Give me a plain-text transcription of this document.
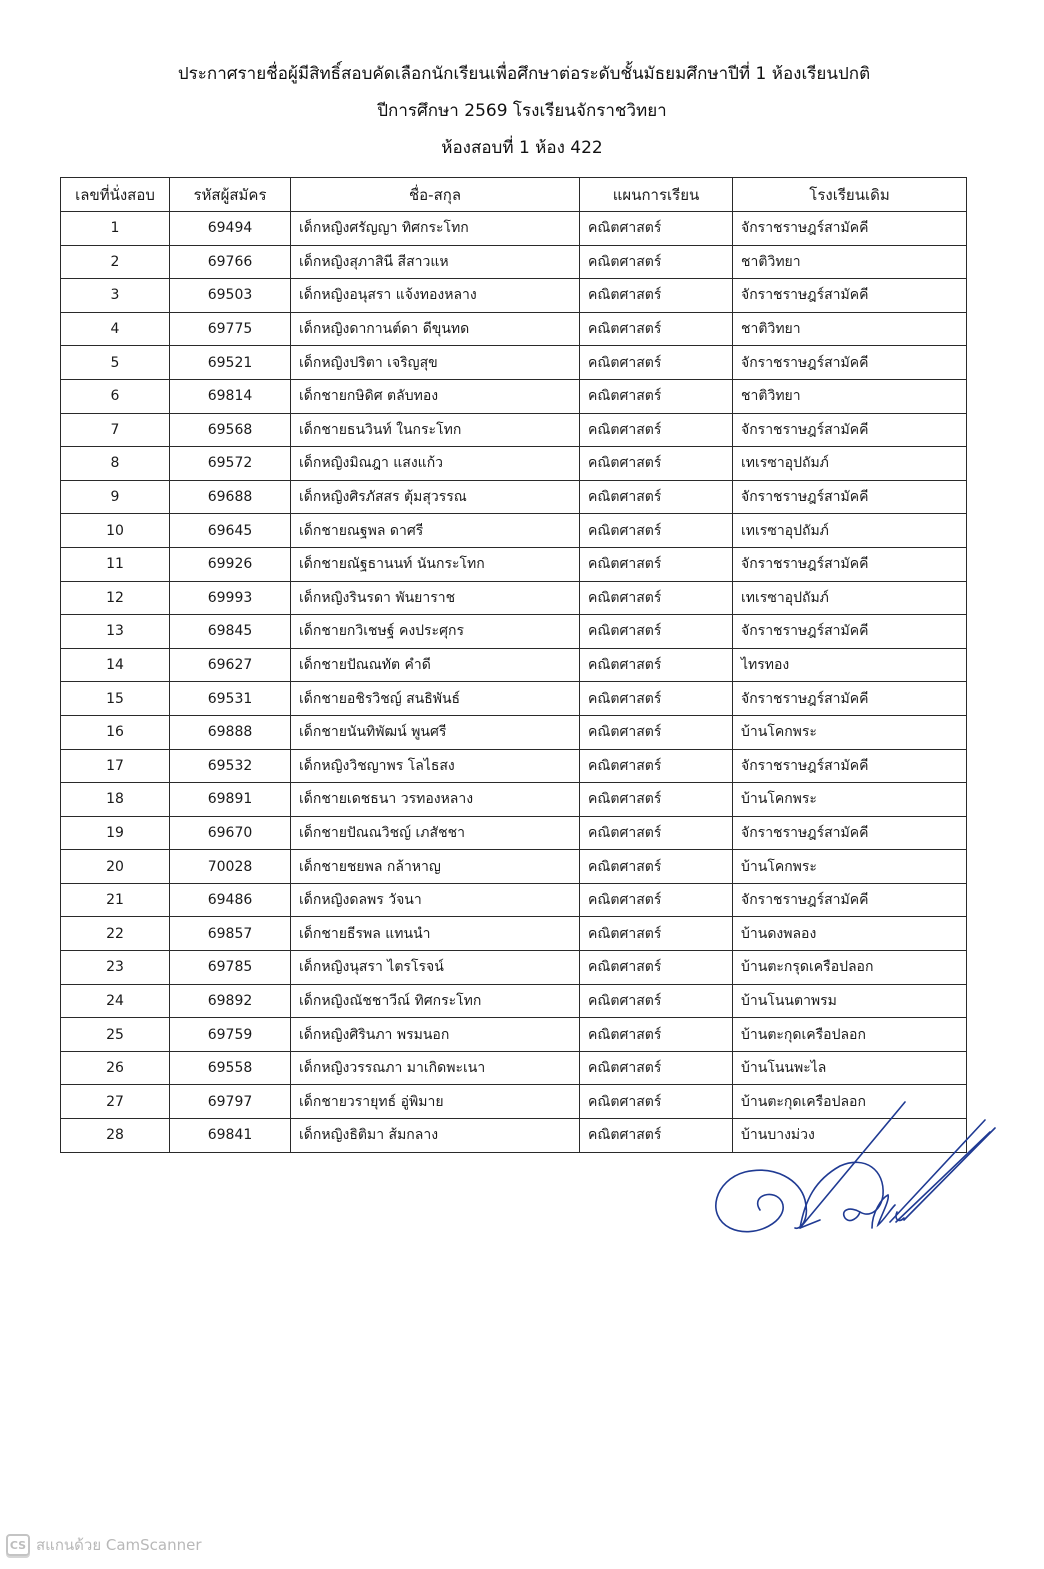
ประกาศรายชื่อผู้มีสิทธิ์สอบคัดเลือกนักเรียนเพื่อศึกษาต่อระดับชั้นมัธยมศึกษาปีที่ 1 ห้องเรียนปกติ
ปีการศึกษา 2569 โรงเรียนจักราชวิทยา
ห้องสอบที่ 1 ห้อง 422
เลขที่นั่งสอบ	รหัสผู้สมัคร	ชื่อ-สกุล	แผนการเรียน	โรงเรียนเดิม
1	69494	เด็กหญิงศรัญญา ทิศกระโทก	คณิตศาสตร์	จักราชราษฎร์สามัคคี
2	69766	เด็กหญิงสุภาสินี สีสาวแห	คณิตศาสตร์	ชาติวิทยา
3	69503	เด็กหญิงอนุสรา แจ้งทองหลาง	คณิตศาสตร์	จักราชราษฎร์สามัคคี
4	69775	เด็กหญิงดากานต์ดา ดีขุนทด	คณิตศาสตร์	ชาติวิทยา
5	69521	เด็กหญิงปริตา เจริญสุข	คณิตศาสตร์	จักราชราษฎร์สามัคคี
6	69814	เด็กชายกษิดิศ ตลับทอง	คณิตศาสตร์	ชาติวิทยา
7	69568	เด็กชายธนวินท์ ในกระโทก	คณิตศาสตร์	จักราชราษฎร์สามัคคี
8	69572	เด็กหญิงมิณฎา แสงแก้ว	คณิตศาสตร์	เทเรซาอุปถัมภ์
9	69688	เด็กหญิงศิรภัสสร ตุ้มสุวรรณ	คณิตศาสตร์	จักราชราษฎร์สามัคคี
10	69645	เด็กชายณฐพล ดาศรี	คณิตศาสตร์	เทเรซาอุปถัมภ์
11	69926	เด็กชายณัฐธานนท์ นันกระโทก	คณิตศาสตร์	จักราชราษฎร์สามัคคี
12	69993	เด็กหญิงรินรดา พันยาราช	คณิตศาสตร์	เทเรซาอุปถัมภ์
13	69845	เด็กชายกวิเชษฐ์ คงประศุกร	คณิตศาสตร์	จักราชราษฎร์สามัคคี
14	69627	เด็กชายปัณณทัต คำดี	คณิตศาสตร์	ไทรทอง
15	69531	เด็กชายอชิรวิชญ์ สนธิพันธ์	คณิตศาสตร์	จักราชราษฎร์สามัคคี
16	69888	เด็กชายนันทิพัฒน์ พูนศรี	คณิตศาสตร์	บ้านโคกพระ
17	69532	เด็กหญิงวิชญาพร โลไธสง	คณิตศาสตร์	จักราชราษฎร์สามัคคี
18	69891	เด็กชายเดชธนา วรทองหลาง	คณิตศาสตร์	บ้านโคกพระ
19	69670	เด็กชายปัณณวิชญ์ เภสัชชา	คณิตศาสตร์	จักราชราษฎร์สามัคคี
20	70028	เด็กชายชยพล กล้าหาญ	คณิตศาสตร์	บ้านโคกพระ
21	69486	เด็กหญิงดลพร วัจนา	คณิตศาสตร์	จักราชราษฎร์สามัคคี
22	69857	เด็กชายธีรพล แทนนำ	คณิตศาสตร์	บ้านดงพลอง
23	69785	เด็กหญิงนุสรา ไตรโรจน์	คณิตศาสตร์	บ้านตะกรุดเครือปลอก
24	69892	เด็กหญิงณัชชาวีณ์ ทิศกระโทก	คณิตศาสตร์	บ้านโนนตาพรม
25	69759	เด็กหญิงศิรินภา พรมนอก	คณิตศาสตร์	บ้านตะกุดเครือปลอก
26	69558	เด็กหญิงวรรณภา มาเกิดพะเนา	คณิตศาสตร์	บ้านโนนพะไล
27	69797	เด็กชายวรายุทธ์ อู่พิมาย	คณิตศาสตร์	บ้านตะกุดเครือปลอก
28	69841	เด็กหญิงธิติมา ส้มกลาง	คณิตศาสตร์	บ้านบางม่วง
CS สแกนด้วย CamScanner
